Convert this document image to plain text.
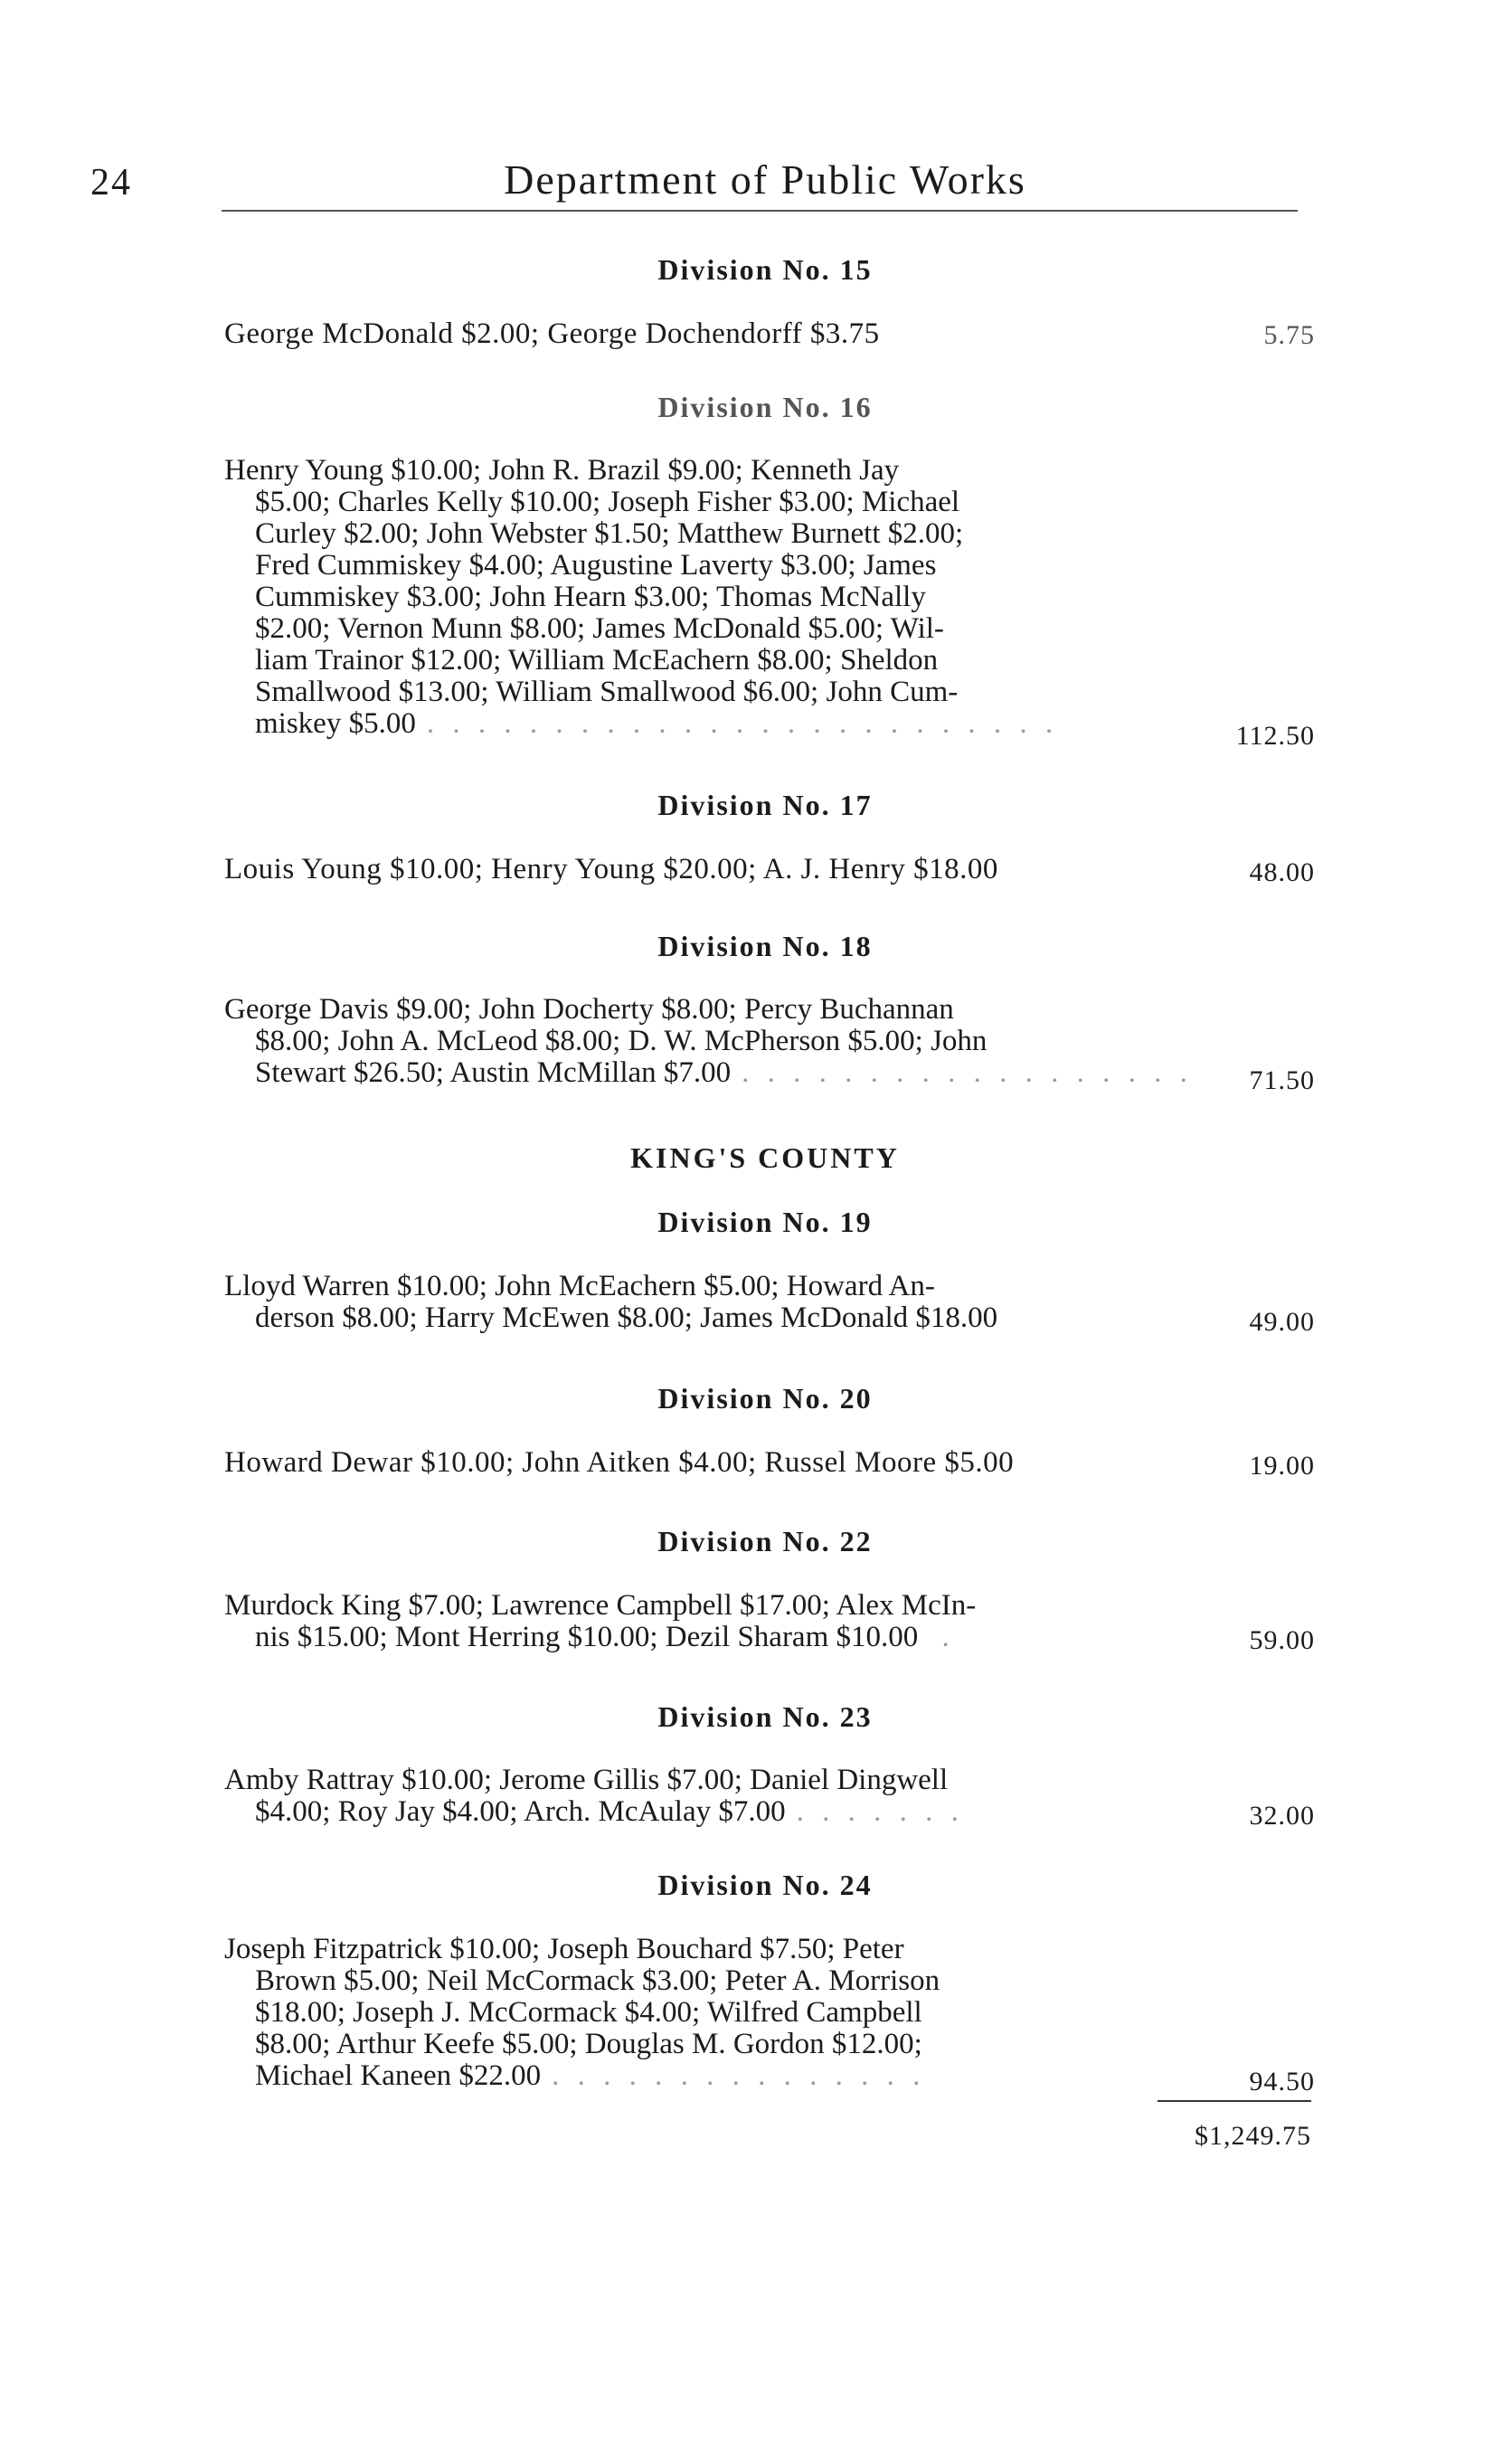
24	Department of Public Works
Division No. 15
George McDonald $2.00; George Dochendorff $3.75	5.75
Division No. 16
Henry Young $10.00; John R. Brazil $9.00; Kenneth Jay
$5.00; Charles Kelly $10.00; Joseph Fisher $3.00; Michael
Curley $2.00; John Webster $1.50; Matthew Burnett $2.00;
Fred Cummiskey $4.00; Augustine Laverty $3.00; James
Cummiskey $3.00; John Hearn $3.00; Thomas McNally
$2.00; Vernon Munn $8.00; James McDonald $5.00; Wil-
liam Trainor $12.00; William McEachern $8.00; Sheldon
Smallwood $13.00; William Smallwood $6.00; John Cum-
miskey $5.00 . . . . . . . . . . . . . . . . . . . . . . . . .	112.50
Division No. 17
Louis Young $10.00; Henry Young $20.00; A. J. Henry $18.00	48.00
Division No. 18
George Davis $9.00; John Docherty $8.00; Percy Buchannan
$8.00; John A. McLeod $8.00; D. W. McPherson $5.00; John
Stewart $26.50; Austin McMillan $7.00 . . . . . . . . . . . . . . . . . . 71.50
KING'S COUNTY
Division No. 19
Lloyd Warren $10.00; John McEachern $5.00; Howard An-
derson $8.00; Harry McEwen $8.00; James McDonald $18.00	49.00
Division No. 20
Howard Dewar $10.00; John Aitken $4.00; Russel Moore $5.00	19.00
Division No. 22
Murdock King $7.00; Lawrence Campbell $17.00; Alex McIn-
nis $15.00; Mont Herring $10.00; Dezil Sharam $10.00 .	59.00
Division No. 23
Amby Rattray $10.00; Jerome Gillis $7.00; Daniel Dingwell
$4.00; Roy Jay $4.00; Arch. McAulay $7.00 . . . . . . .	32.00
Division No. 24
Joseph Fitzpatrick $10.00; Joseph Bouchard $7.50; Peter
Brown $5.00; Neil McCormack $3.00; Peter A. Morrison
$18.00; Joseph J. McCormack $4.00; Wilfred Campbell
$8.00; Arthur Keefe $5.00; Douglas M. Gordon $12.00;
Michael Kaneen $22.00 . . . . . . . . . . . . . . .	94.50
$1,249.75
